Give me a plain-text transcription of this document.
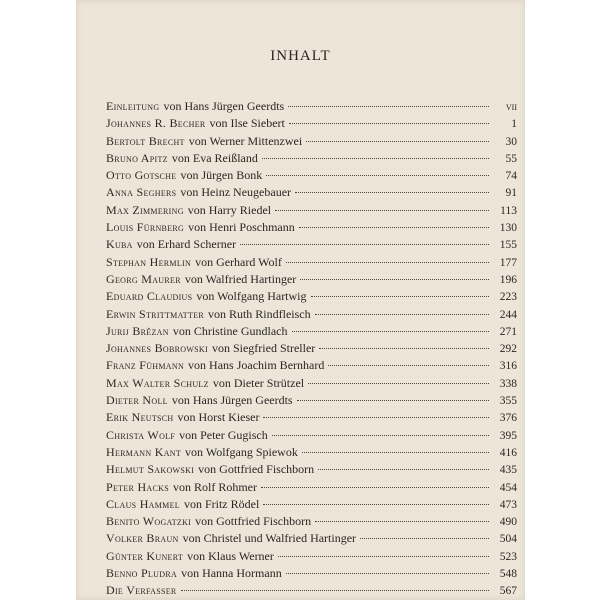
INHALT
Einleitung von Hans Jürgen Geerdts	vii
Johannes R. Becher von Ilse Siebert	1
Bertolt Brecht von Werner Mittenzwei	30
Bruno Apitz von Eva Reißland	55
Otto Gotsche von Jürgen Bonk	74
Anna Seghers von Heinz Neugebauer	91
Max Zimmering von Harry Riedel	113
Louis Fürnberg von Henri Poschmann	130
Kuba von Erhard Scherner	155
Stephan Hermlin von Gerhard Wolf	177
Georg Maurer von Walfried Hartinger	196
Eduard Claudius von Wolfgang Hartwig	223
Erwin Strittmatter von Ruth Rindfleisch	244
Jurij Brězan von Christine Gundlach	271
Johannes Bobrowski von Siegfried Streller	292
Franz Fühmann von Hans Joachim Bernhard	316
Max Walter Schulz von Dieter Strützel	338
Dieter Noll von Hans Jürgen Geerdts	355
Erik Neutsch von Horst Kieser	376
Christa Wolf von Peter Gugisch	395
Hermann Kant von Wolfgang Spiewok	416
Helmut Sakowski von Gottfried Fischborn	435
Peter Hacks von Rolf Rohmer	454
Claus Hammel von Fritz Rödel	473
Benito Wogatzki von Gottfried Fischborn	490
Volker Braun von Christel und Walfried Hartinger	504
Günter Kunert von Klaus Werner	523
Benno Pludra von Hanna Hormann	548
Die Verfasser	567
